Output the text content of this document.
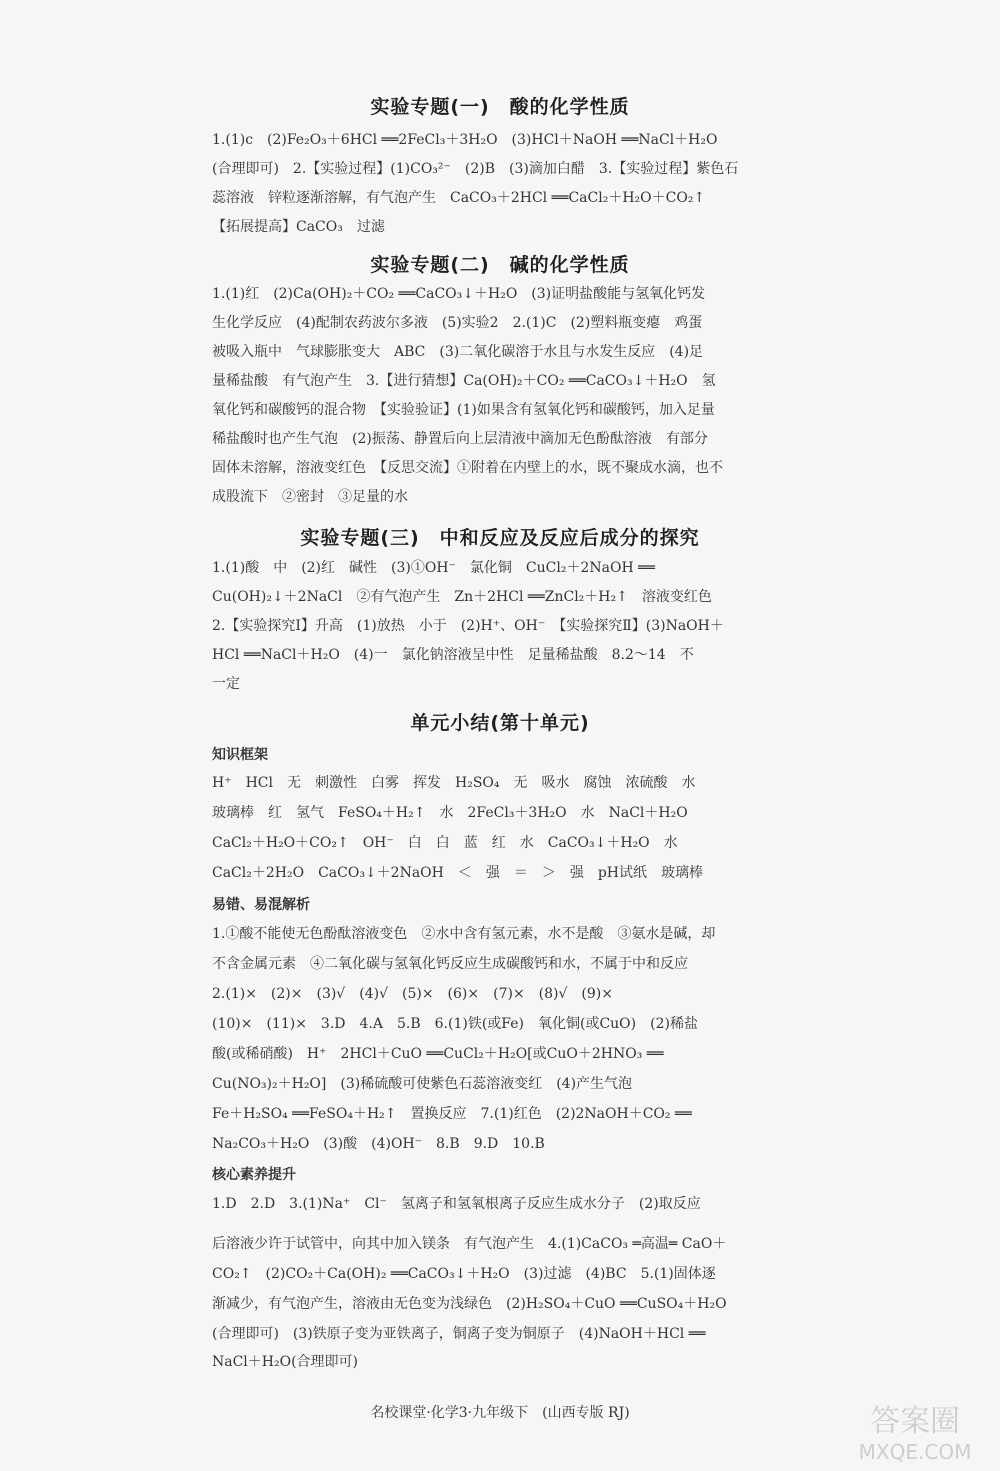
实验专题(一)　酸的化学性质
1.(1)c　(2)Fe₂O₃＋6HCl ══2FeCl₃＋3H₂O　(3)HCl＋NaOH ══NaCl＋H₂O
(合理即可)　2.【实验过程】(1)CO₃²⁻　(2)B　(3)滴加白醋　3.【实验过程】紫色石
蕊溶液　锌粒逐渐溶解，有气泡产生　CaCO₃＋2HCl ══CaCl₂＋H₂O＋CO₂↑
【拓展提高】CaCO₃　过滤
实验专题(二)　碱的化学性质
1.(1)红　(2)Ca(OH)₂＋CO₂ ══CaCO₃↓＋H₂O　(3)证明盐酸能与氢氧化钙发
生化学反应　(4)配制农药波尔多液　(5)实验2　2.(1)C　(2)塑料瓶变瘪　鸡蛋
被吸入瓶中　气球膨胀变大　ABC　(3)二氧化碳溶于水且与水发生反应　(4)足
量稀盐酸　有气泡产生　3.【进行猜想】Ca(OH)₂＋CO₂ ══CaCO₃↓＋H₂O　氢
氧化钙和碳酸钙的混合物　【实验验证】(1)如果含有氢氧化钙和碳酸钙，加入足量
稀盐酸时也产生气泡　(2)振荡、静置后向上层清液中滴加无色酚酞溶液　有部分
固体未溶解，溶液变红色　【反思交流】①附着在内壁上的水，既不聚成水滴，也不
成股流下　②密封　③足量的水
实验专题(三)　中和反应及反应后成分的探究
1.(1)酸　中　(2)红　碱性　(3)①OH⁻　氯化铜　CuCl₂＋2NaOH ══
Cu(OH)₂↓＋2NaCl　②有气泡产生　Zn＋2HCl ══ZnCl₂＋H₂↑　溶液变红色
2.【实验探究Ⅰ】升高　(1)放热　小于　(2)H⁺、OH⁻　【实验探究Ⅱ】(3)NaOH＋
HCl ══NaCl＋H₂O　(4)一　氯化钠溶液呈中性　足量稀盐酸　8.2～14　不
一定
单元小结(第十单元)
知识框架
H⁺　HCl　无　刺激性　白雾　挥发　H₂SO₄　无　吸水　腐蚀　浓硫酸　水
玻璃棒　红　氢气　FeSO₄＋H₂↑　水　2FeCl₃＋3H₂O　水　NaCl＋H₂O
CaCl₂＋H₂O＋CO₂↑　OH⁻　白　白　蓝　红　水　CaCO₃↓＋H₂O　水
CaCl₂＋2H₂O　CaCO₃↓＋2NaOH　＜　强　＝　＞　强　pH试纸　玻璃棒
易错、易混解析
1.①酸不能使无色酚酞溶液变色　②水中含有氢元素，水不是酸　③氨水是碱，却
不含金属元素　④二氧化碳与氢氧化钙反应生成碳酸钙和水，不属于中和反应
2.(1)×　(2)×　(3)√　(4)√　(5)×　(6)×　(7)×　(8)√　(9)×
(10)×　(11)×　3.D　4.A　5.B　6.(1)铁(或Fe)　氧化铜(或CuO)　(2)稀盐
酸(或稀硝酸)　H⁺　2HCl＋CuO ══CuCl₂＋H₂O[或CuO＋2HNO₃ ══
Cu(NO₃)₂＋H₂O]　(3)稀硫酸可使紫色石蕊溶液变红　(4)产生气泡
Fe＋H₂SO₄ ══FeSO₄＋H₂↑　置换反应　7.(1)红色　(2)2NaOH＋CO₂ ══
Na₂CO₃＋H₂O　(3)酸　(4)OH⁻　8.B　9.D　10.B
核心素养提升
1.D　2.D　3.(1)Na⁺　Cl⁻　氢离子和氢氧根离子反应生成水分子　(2)取反应
后溶液少许于试管中，向其中加入镁条　有气泡产生　4.(1)CaCO₃ ═高温═ CaO＋
CO₂↑　(2)CO₂＋Ca(OH)₂ ══CaCO₃↓＋H₂O　(3)过滤　(4)BC　5.(1)固体逐
渐减少，有气泡产生，溶液由无色变为浅绿色　(2)H₂SO₄＋CuO ══CuSO₄＋H₂O
(合理即可)　(3)铁原子变为亚铁离子，铜离子变为铜原子　(4)NaOH＋HCl ══
NaCl＋H₂O(合理即可)
名校课堂·化学3·九年级下　(山西专版 RJ)	答案圈
MXQE.COM
